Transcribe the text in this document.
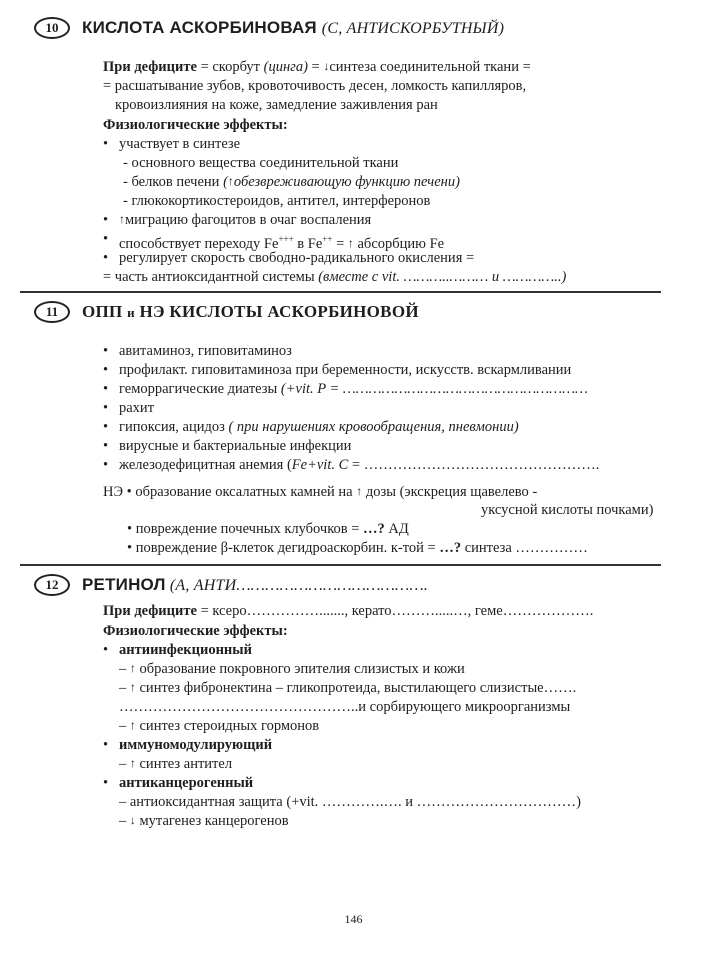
10	КИСЛОТА АСКОРБИНОВАЯ (С, АНТИСКОРБУТНЫЙ)
При дефиците = скорбут (цинга) = ↓синтеза соединительной ткани =
= расшатывание зубов, кровоточивость десен, ломкость капилляров,
кровоизлияния на коже, замедление заживления ран
Физиологические эффекты:
• участвует в синтезе
- основного вещества соединительной ткани
- белков печени (↑обезвреживающую функцию печени)
- глюкокортикостероидов, антител, интерферонов
• ↑миграцию фагоцитов в очаг воспаления
• способствует переходу Fe+++ в Fe++ = ↑ абсорбцию Fe
• регулирует скорость свободно-радикального окисления =
= часть антиоксидантной системы (вместе с vit. ………..……… и …………..)
11	ОПП и НЭ КИСЛОТЫ АСКОРБИНОВОЙ
• авитаминоз, гиповитаминоз
• профилакт. гиповитаминоза при беременности, искусств. вскармливании
• геморрагические диатезы (+vit. P = …………………………………………………
• рахит
• гипоксия, ацидоз ( при нарушениях кровообращения, пневмонии)
• вирусные и бактериальные инфекции
• железодефицитная анемия (Fe+vit. C = ………………………………………….
НЭ • образование оксалатных камней на ↑ дозы (экскреция щавелево -
уксусной кислоты почками)
• повреждение почечных клубочков = …? АД
• повреждение β-клеток дегидроаскорбин. к-той = …? синтеза ……………
12	РЕТИНОЛ (А, АНТИ………………………………….
При дефиците = ксеро……………......., керато……….....…, геме……………….
Физиологические эффекты:
• антиинфекционный
– ↑ образование покровного эпителия слизистых и кожи
– ↑ синтез фибронектина – гликопротеида, выстилающего слизистые…….
…………………………………………..и сорбирующего микроорганизмы
– ↑ синтез стероидных гормонов
• иммуномодулирующий
– ↑ синтез антител
• антиканцерогенный
– антиоксидантная защита (+vit. ………….…. и ……………………………)
– ↓ мутагенез канцерогенов
146
